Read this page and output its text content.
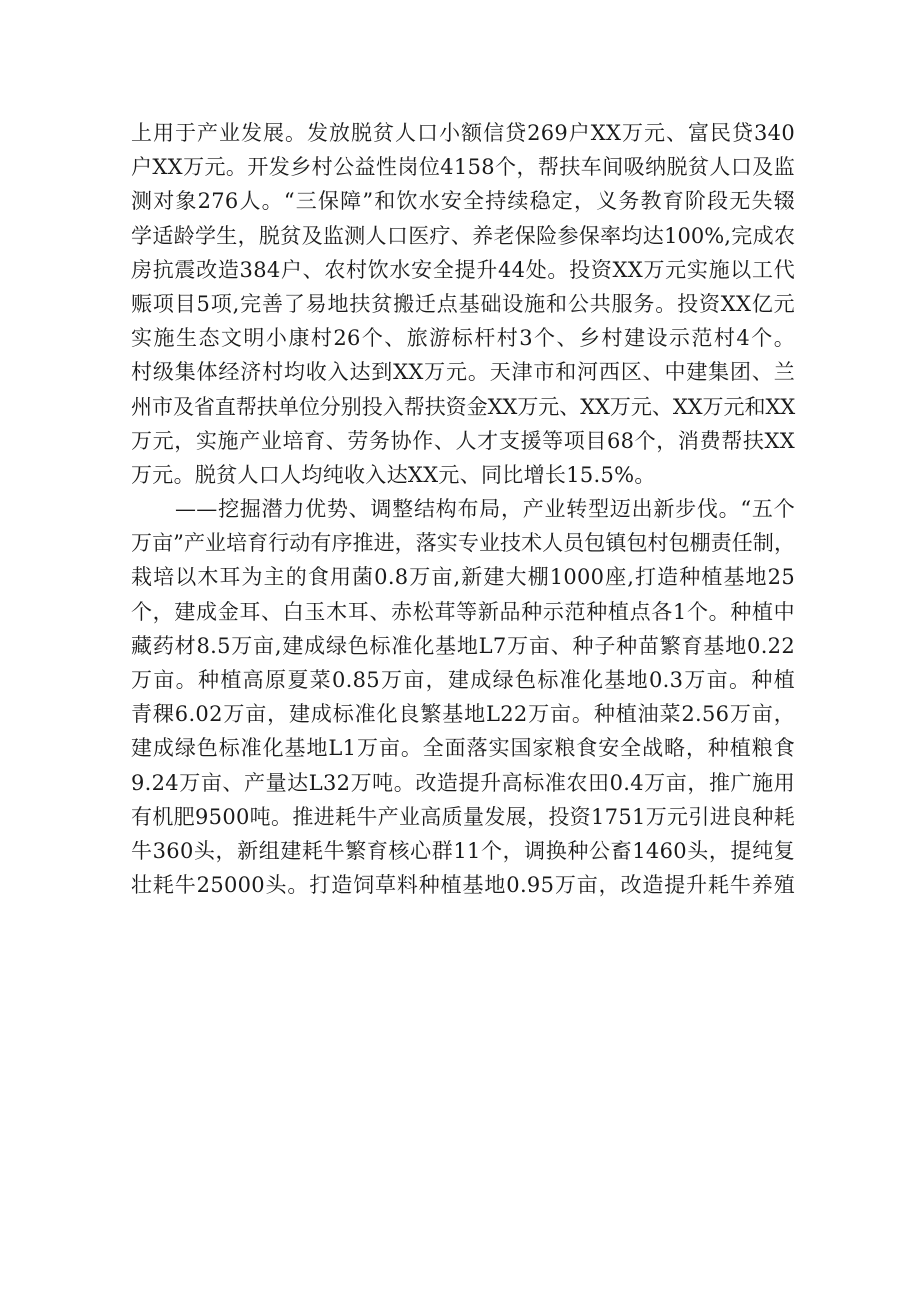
上用于产业发展。发放脱贫人口小额信贷269户XX万元、富民贷340
户XX万元。开发乡村公益性岗位4158个，帮扶车间吸纳脱贫人口及监
测对象276人。“三保障”和饮水安全持续稳定，义务教育阶段无失辍
学适龄学生，脱贫及监测人口医疗、养老保险参保率均达100%,完成农
房抗震改造384户、农村饮水安全提升44处。投资XX万元实施以工代
赈项目5项,完善了易地扶贫搬迁点基础设施和公共服务。投资XX亿元
实施生态文明小康村26个、旅游标杆村3个、乡村建设示范村4个。
村级集体经济村均收入达到XX万元。天津市和河西区、中建集团、兰
州市及省直帮扶单位分别投入帮扶资金XX万元、XX万元、XX万元和XX
万元，实施产业培育、劳务协作、人才支援等项目68个，消费帮扶XX
万元。脱贫人口人均纯收入达XX元、同比增长15.5%。
——挖掘潜力优势、调整结构布局，产业转型迈出新步伐。“五个
万亩”产业培育行动有序推进，落实专业技术人员包镇包村包棚责任制，
栽培以木耳为主的食用菌0.8万亩,新建大棚1000座,打造种植基地25
个，建成金耳、白玉木耳、赤松茸等新品种示范种植点各1个。种植中
藏药材8.5万亩,建成绿色标准化基地L7万亩、种子种苗繁育基地0.22
万亩。种植高原夏菜0.85万亩，建成绿色标准化基地0.3万亩。种植
青稞6.02万亩，建成标准化良繁基地L22万亩。种植油菜2.56万亩，
建成绿色标准化基地L1万亩。全面落实国家粮食安全战略，种植粮食
9.24万亩、产量达L32万吨。改造提升高标准农田0.4万亩，推广施用
有机肥9500吨。推进耗牛产业高质量发展，投资1751万元引进良种耗
牛360头，新组建耗牛繁育核心群11个，调换种公畜1460头，提纯复
壮耗牛25000头。打造饲草料种植基地0.95万亩，改造提升耗牛养殖
